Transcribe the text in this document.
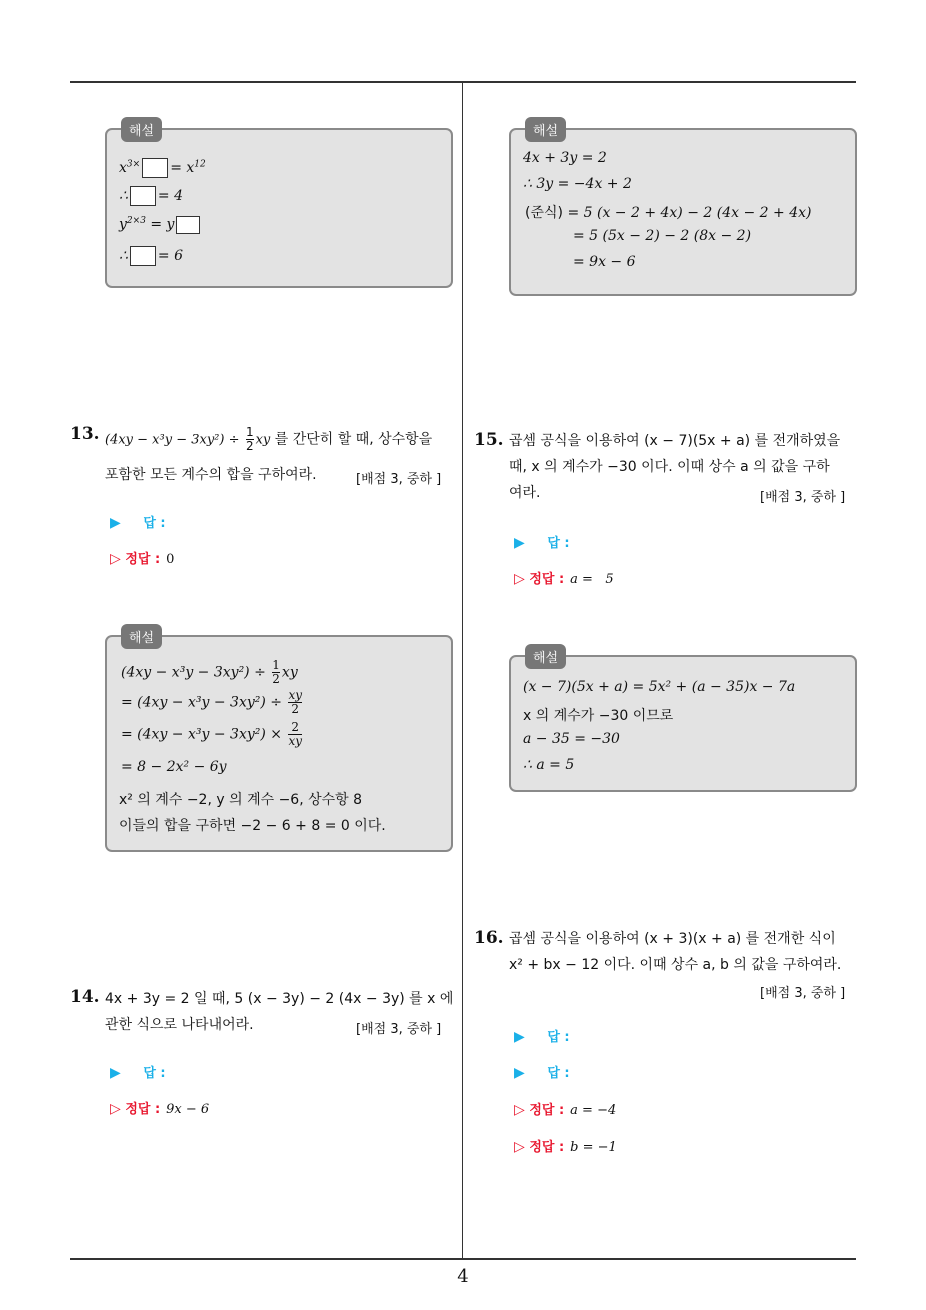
해설
$x^{3\times} = x^{12}$
∴ = 4
$y^{2\times 3} = y$
∴ = 6
해설
4x + 3y = 2
∴ 3y = −4x + 2
(준식) = 5 (x − 2 + 4x) − 2 (4x − 2 + 4x)
= 5 (5x − 2) − 2 (8x − 2)
= 9x − 6
13. $(4xy - x^3y - 3xy^2) \div \frac{1}{2}$ xy 를 간단히 할 때, 상수항을
포함한 모든 계수의 합을 구하여라.	[배점 3, 중하 ]
▶ 답 :
▷ 정답 : 0
해설
$(4xy - x^3y - 3xy^2) \div \frac{1}{2}$ xy
= $(4xy - x^3y - 3xy^2) \div \frac{xy}{2}$
= $(4xy - x^3y - 3xy^2) \times \frac{2}{xy}$
= 8 − 2x² − 6y
x² 의 계수 −2, y 의 계수 −6, 상수항 8
이들의 합을 구하면 −2 − 6 + 8 = 0 이다.
14. 4x + 3y = 2 일 때, 5 (x − 3y) − 2 (4x − 3y) 를 x 에
관한 식으로 나타내어라.	[배점 3, 중하 ]
▶ 답 :
▷ 정답 : 9x − 6
15. 곱셈 공식을 이용하여 (x − 7)(5x + a) 를 전개하였을
때, x 의 계수가 −30 이다. 이때 상수 a 의 값을 구하
여라.	[배점 3, 중하 ]
▶ 답 :
▷ 정답 : a =   5
해설
(x − 7)(5x + a) = 5x² + (a − 35)x − 7a
x 의 계수가 −30 이므로
a − 35 = −30
∴ a = 5
16. 곱셈 공식을 이용하여 (x + 3)(x + a) 를 전개한 식이
x² + bx − 12 이다. 이때 상수 a, b 의 값을 구하여라.
[배점 3, 중하 ]
▶ 답 :
▶ 답 :
▷ 정답 : a = −4
▷ 정답 : b = −1
4
